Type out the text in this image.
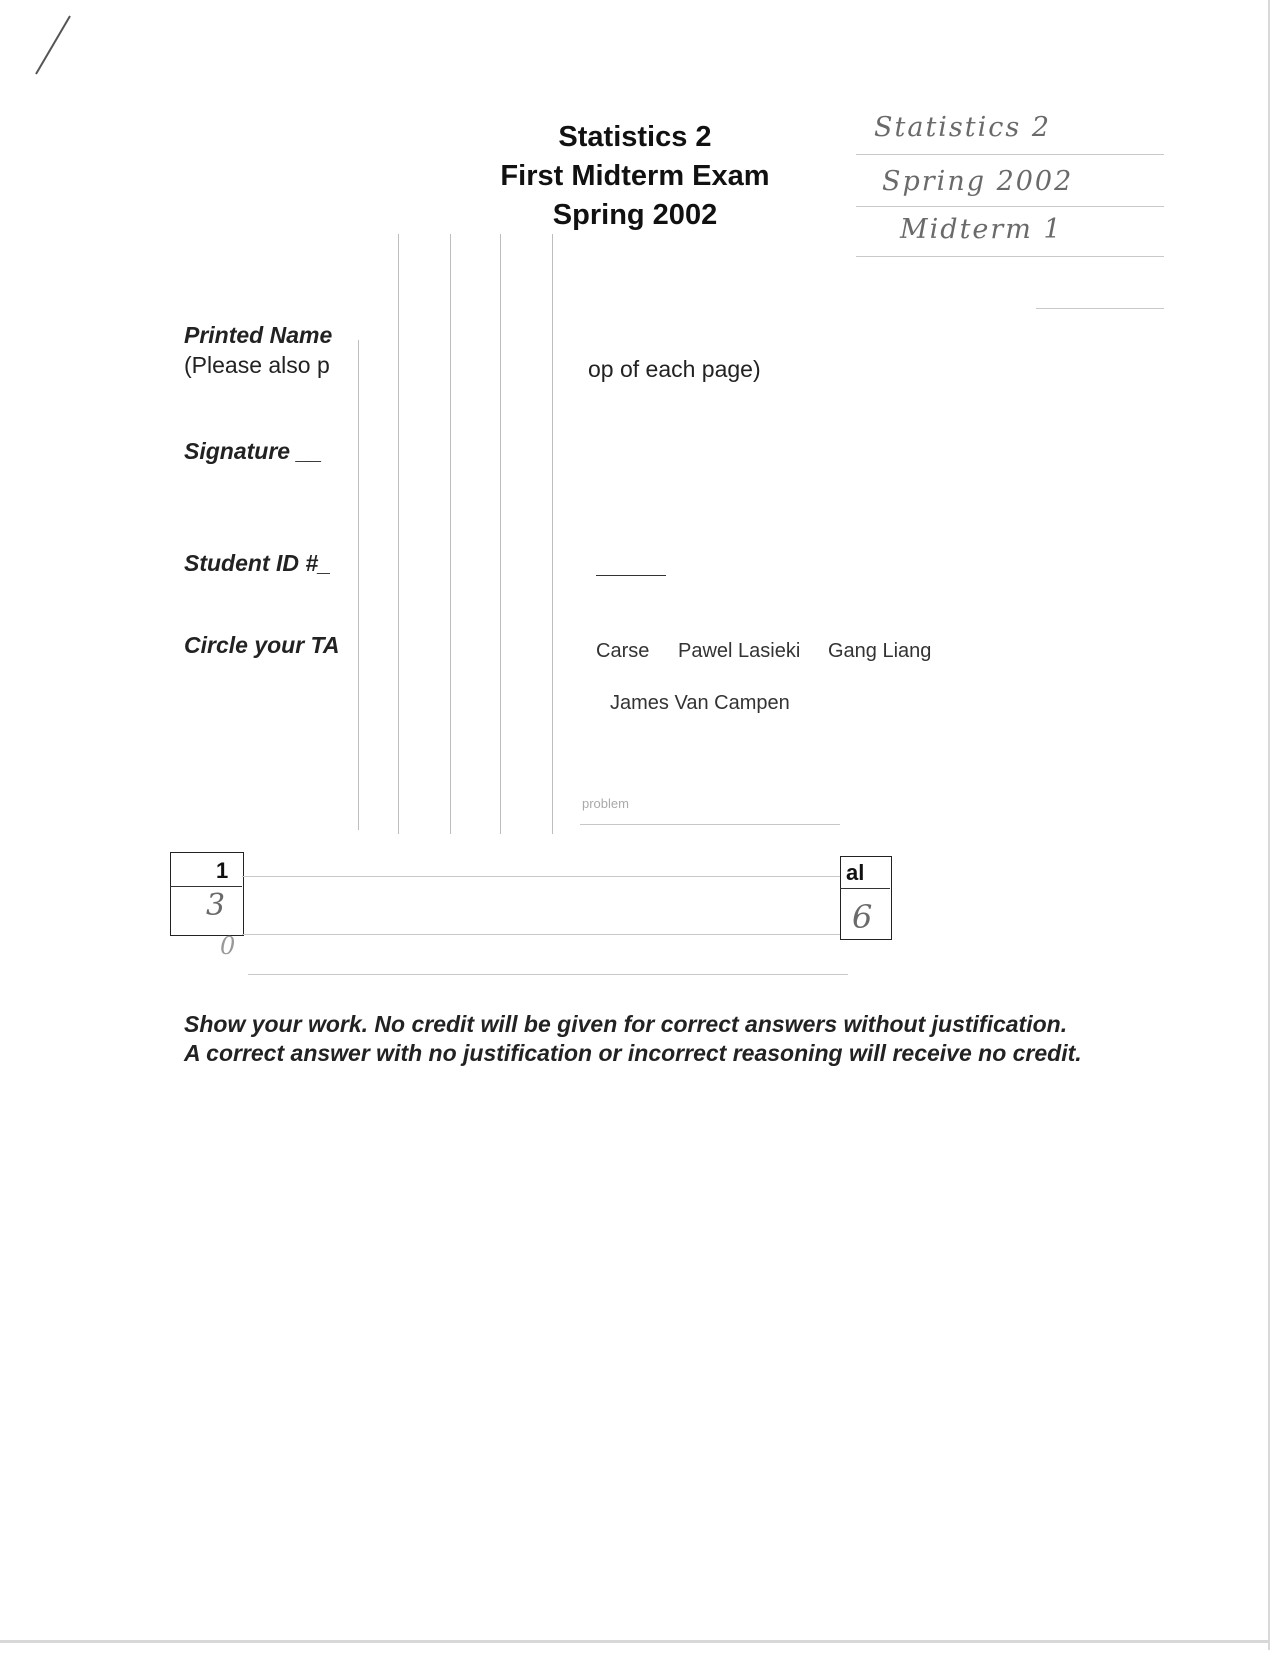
Statistics 2
First Midterm Exam
Spring 2002
Statistics 2
Spring 2002
Midterm 1
Printed Name
(Please also p	op of each page)
Signature __
Student ID #_
Circle your TA	Carse Pawel Lasieki Gang Liang
James Van Campen
problem
1
3
0
al
6
Show your work. No credit will be given for correct answers without justification. A correct answer with no justification or incorrect reasoning will receive no credit.
